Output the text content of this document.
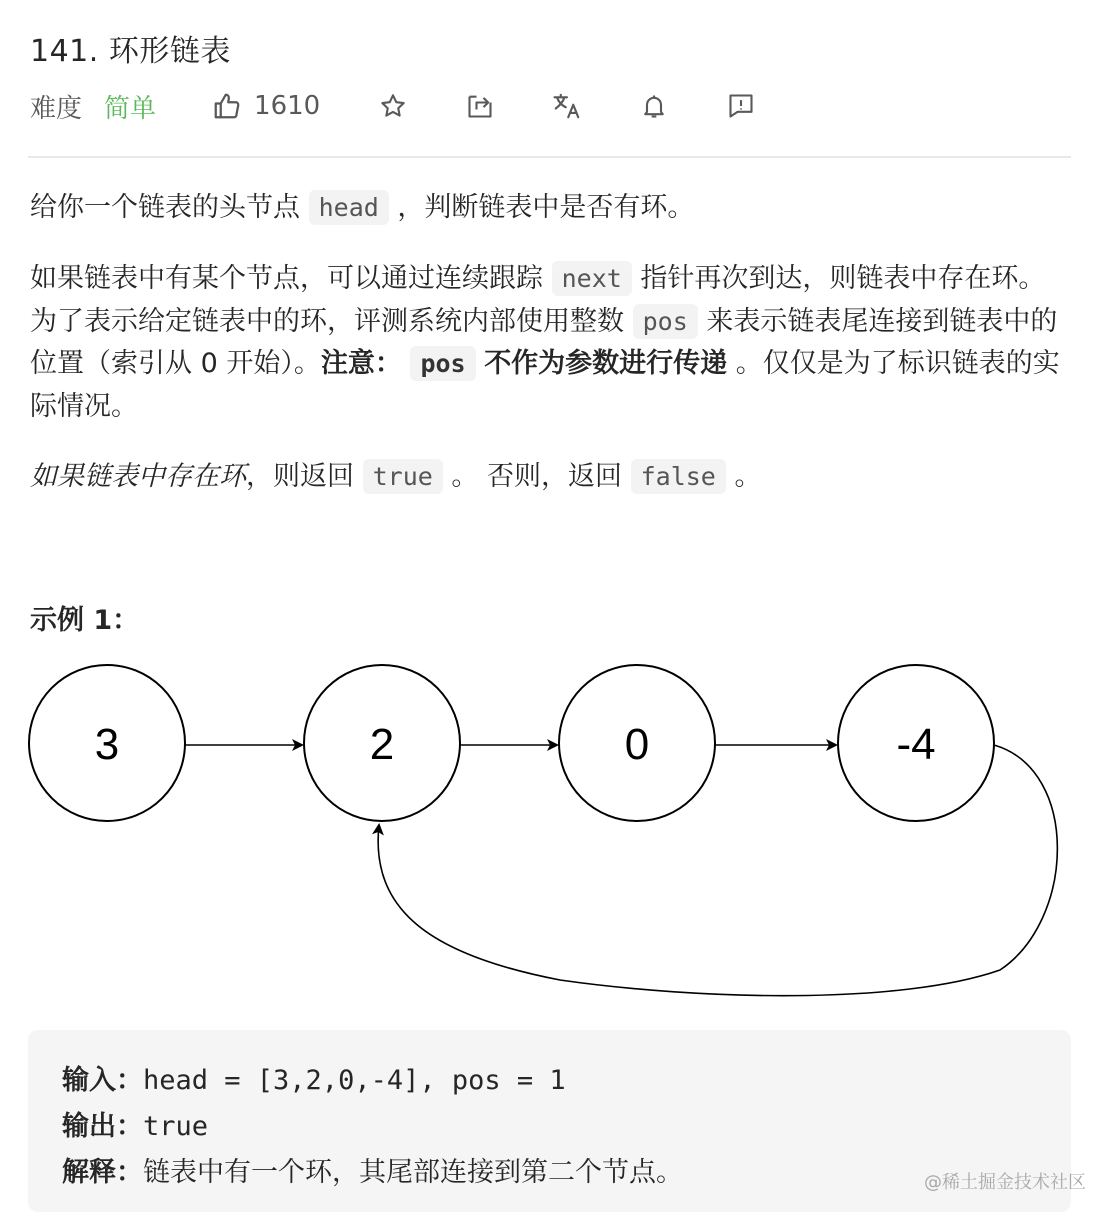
141. 环形链表
难度 简单	1610
给你一个链表的头节点 head ，判断链表中是否有环。
如果链表中有某个节点，可以通过连续跟踪 next 指针再次到达，则链表中存在环。 为了表示给定链表中的环，评测系统内部使用整数 pos 来表示链表尾连接到链表中的位置（索引从 0 开始）。注意： pos 不作为参数进行传递 。仅仅是为了标识链表的实际情况。
如果链表中存在环，则返回 true 。 否则，返回 false 。
示例 1：
3	2	0	-4
输入： head = [3,2,0,-4], pos = 1
输出： true
解释： 链表中有一个环，其尾部连接到第二个节点。	@稀土掘金技术社区
